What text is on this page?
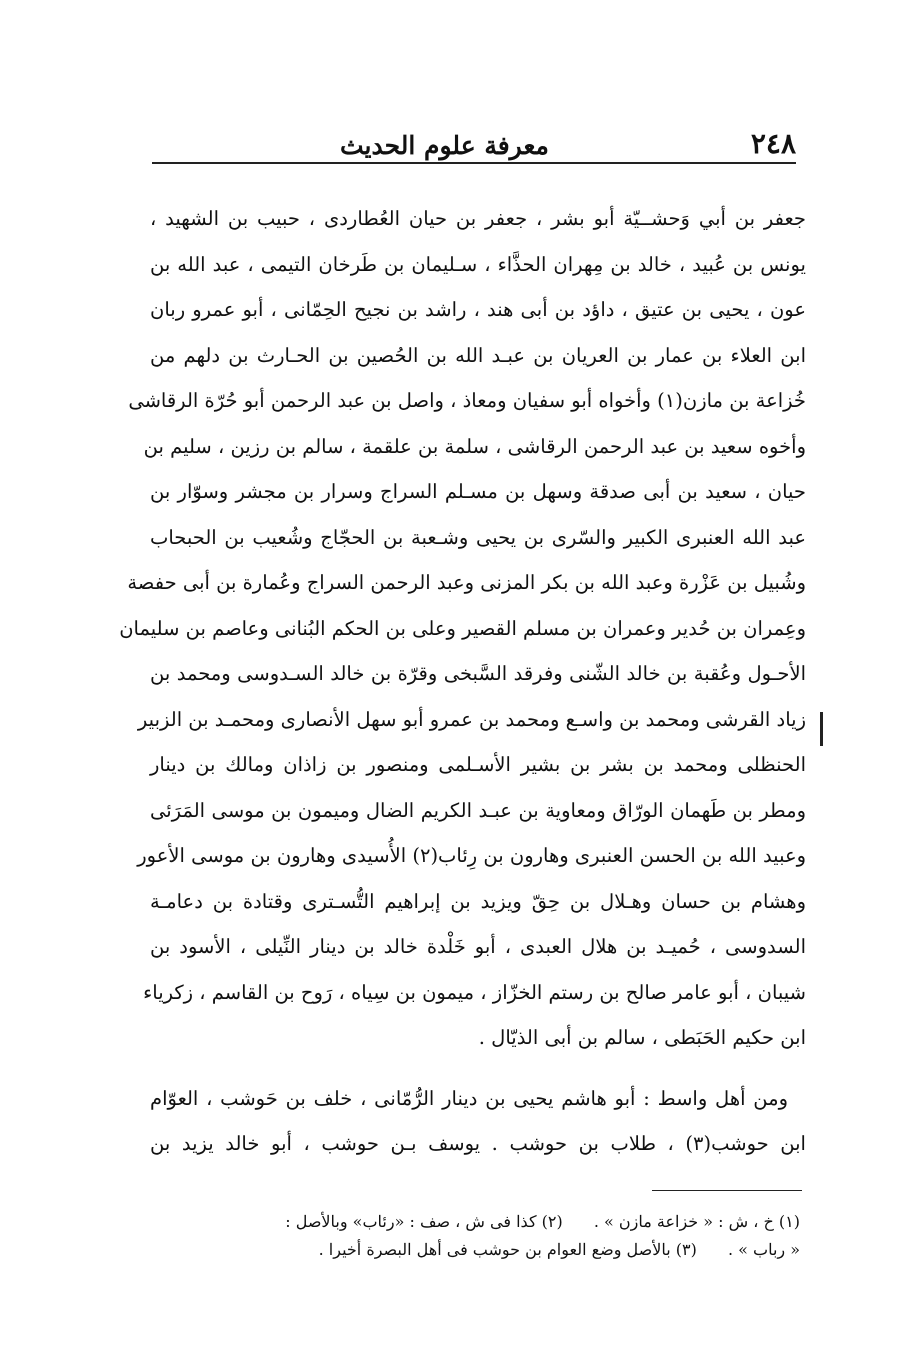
٢٤٨
معرفة علوم الحديث
جعفر بن أبي وَحشــيّة أبو بشر ، جعفر بن حيان العُطاردى ، حبيب بن الشهيد ،
يونس بن عُبيد ، خالد بن مِهران الحذَّاء ، سـليمان بن طَرخان التيمى ، عبد الله بن
عون ، يحيى بن عتيق ، داؤد بن أبى هند ، راشد بن نجيح الحِمّانى ، أبو عمرو ربان
ابن العلاء بن عمار بن العريان بن عبـد الله بن الحُصين بن الحـارث بن دلهم من
خُزاعة بن مازن(١) وأخواه أبو سفيان ومعاذ ، واصل بن عبد الرحمن أبو حُرّة الرقاشى
وأخوه سعيد بن عبد الرحمن الرقاشى ، سلمة بن علقمة ، سالم بن رزين ، سليم بن
حيان ، سعيد بن أبى صدقة وسهل بن مسـلم السراج وسرار بن مجشر وسوّار بن
عبد الله العنبرى الكبير والسّرى بن يحيى وشـعبة بن الحجّاج وشُعيب بن الحبحاب
وشُبيل بن عَزْرة وعبد الله بن بكر المزنى وعبد الرحمن السراج وعُمارة بن أبى حفصة
وعِمران بن حُدير وعمران بن مسلم القصير وعلى بن الحكم البُنانى وعاصم بن سليمان
الأحـول وعُقبة بن خالد الشّنى وفرقد السَّبخى وقرّة بن خالد السـدوسى ومحمد بن
زياد القرشى ومحمد بن واسـع ومحمد بن عمرو أبو سهل الأنصارى ومحمـد بن الزبير
الحنظلى ومحمد بن بشر بن بشير الأسـلمى ومنصور بن زاذان ومالك بن دينار
ومطر بن طَهمان الورّاق ومعاوية بن عبـد الكريم الضال وميمون بن موسى المَرَئى
وعبيد الله بن الحسن العنبرى وهارون بن رِئاب(٢) الأُسيدى وهارون بن موسى الأعور
وهشام بن حسان وهـلال بن حِقّ ويزيد بن إبراهيم التُّسـترى وقتادة بن دعامـة
السدوسى ، حُميـد بن هلال العبدى ، أبو خَلْدة خالد بن دينار النِّيلى ، الأسود بن
شيبان ، أبو عامر صالح بن رستم الخزّاز ، ميمون بن سِياه ، رَوح بن القاسم ، زكرياء
ابن حكيم الحَبَطى ، سالم بن أبى الذيّال .
ومن أهل واسط : أبو هاشم يحيى بن دينار الرُّمّانى ، خلف بن حَوشب ، العوّام
ابن حوشب(٣) ، طلاب بن حوشب . يوسف بـن حوشب ، أبو خالد يزيد بن
(١) خ ، ش : « خزاعة مازن » . (٢) كذا فى ش ، صف : «رئاب» وبالأصل :
« رباب » . (٣) بالأصل وضع العوام بن حوشب فى أهل البصرة أخيرا .
